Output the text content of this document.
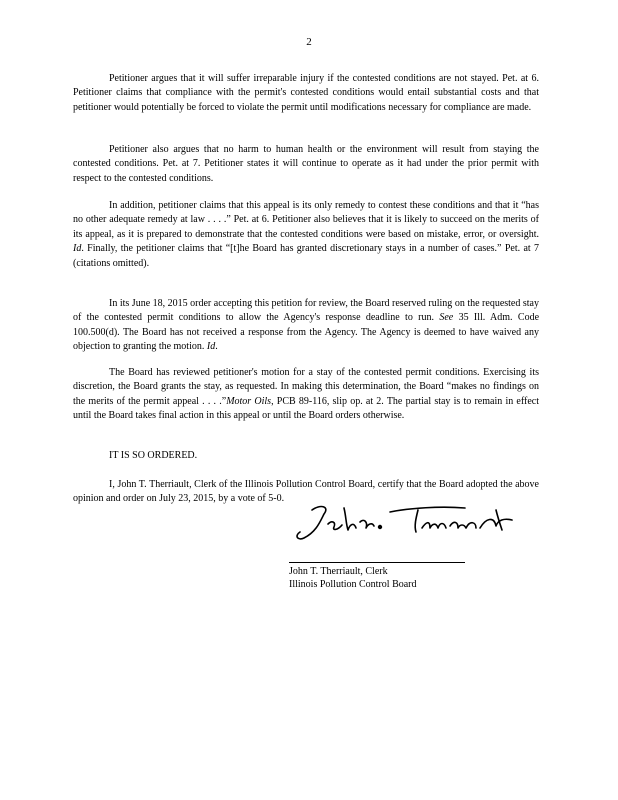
2

Petitioner argues that it will suffer irreparable injury if the contested conditions are not stayed. Pet. at 6. Petitioner claims that compliance with the permit's contested conditions would entail substantial costs and that petitioner would potentially be forced to violate the permit until modifications necessary for compliance are made.

Petitioner also argues that no harm to human health or the environment will result from staying the contested conditions. Pet. at 7. Petitioner states it will continue to operate as it had under the prior permit with respect to the contested conditions.

In addition, petitioner claims that this appeal is its only remedy to contest these conditions and that it “has no other adequate remedy at law . . . .” Pet. at 6. Petitioner also believes that it is likely to succeed on the merits of its appeal, as it is prepared to demonstrate that the contested conditions were based on mistake, error, or oversight. Id. Finally, the petitioner claims that “[t]he Board has granted discretionary stays in a number of cases.” Pet. at 7 (citations omitted).

In its June 18, 2015 order accepting this petition for review, the Board reserved ruling on the requested stay of the contested permit conditions to allow the Agency's response deadline to run. See 35 Ill. Adm. Code 100.500(d). The Board has not received a response from the Agency. The Agency is deemed to have waived any objection to granting the motion. Id.

The Board has reviewed petitioner's motion for a stay of the contested permit conditions. Exercising its discretion, the Board grants the stay, as requested. In making this determination, the Board “makes no findings on the merits of the permit appeal . . . .”Motor Oils, PCB 89-116, slip op. at 2. The partial stay is to remain in effect until the Board takes final action in this appeal or until the Board orders otherwise.

IT IS SO ORDERED.

I, John T. Therriault, Clerk of the Illinois Pollution Control Board, certify that the Board adopted the above opinion and order on July 23, 2015, by a vote of 5-0.

John T. Therriault, Clerk
Illinois Pollution Control Board
